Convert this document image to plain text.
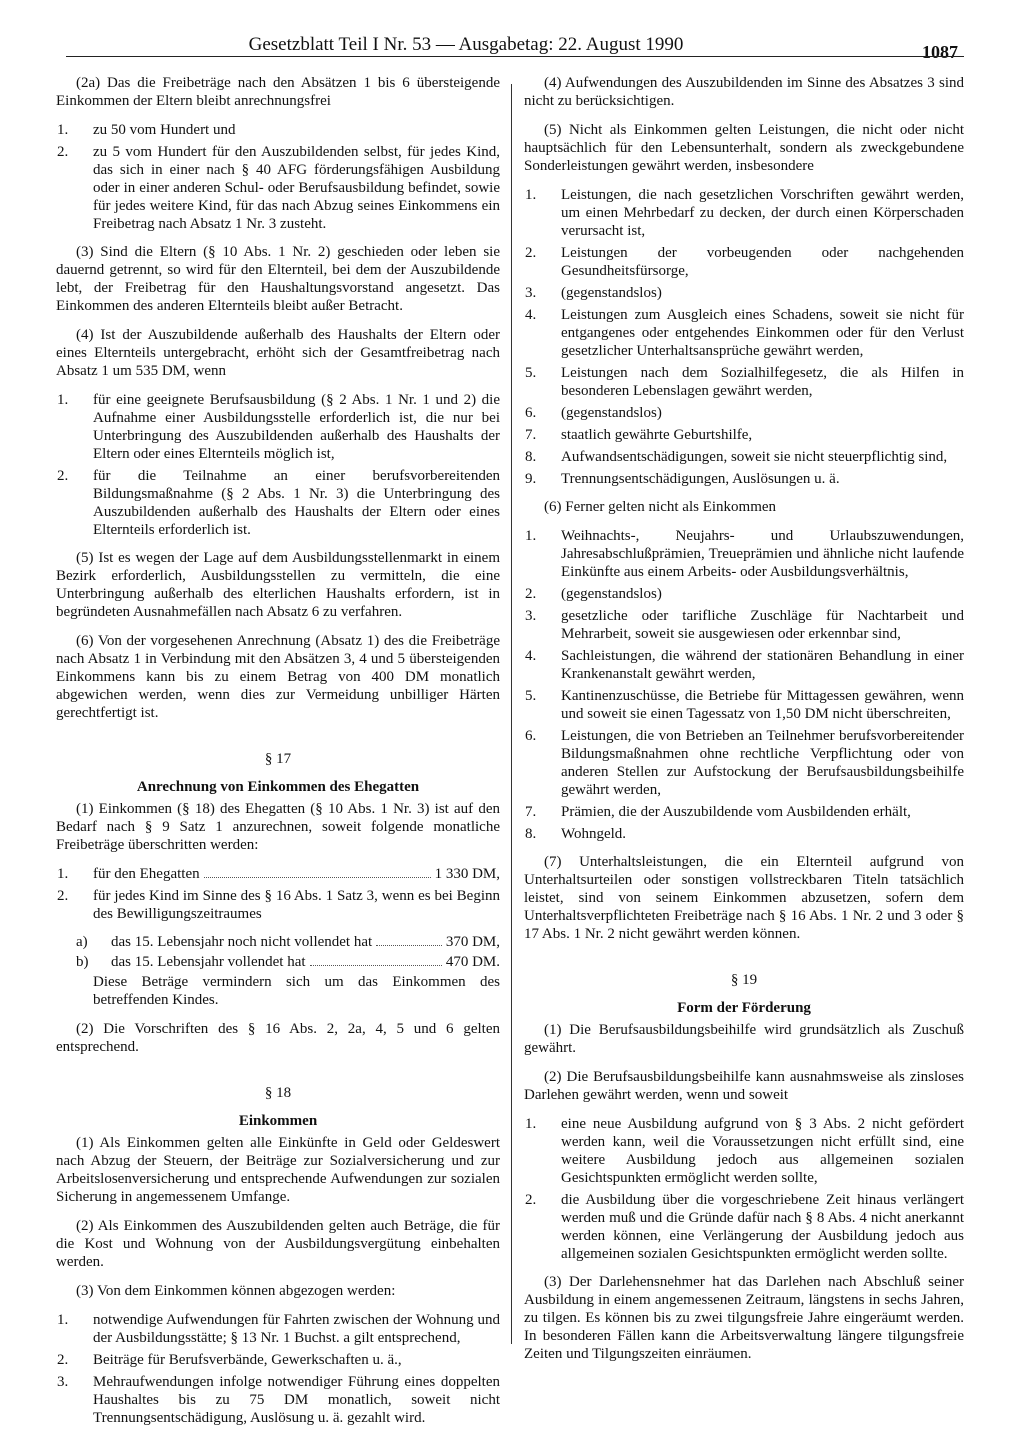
Gesetzblatt Teil I Nr. 53 — Ausgabetag: 22. August 1990	1087

(2a) Das die Freibeträge nach den Absätzen 1 bis 6 übersteigende Einkommen der Eltern bleibt anrechnungsfrei

1. zu 50 vom Hundert und
2. zu 5 vom Hundert für den Auszubildenden selbst, für jedes Kind, das sich in einer nach § 40 AFG förderungsfähigen Ausbildung oder in einer anderen Schul- oder Berufsausbildung befindet, sowie für jedes weitere Kind, für das nach Abzug seines Einkommens ein Freibetrag nach Absatz 1 Nr. 3 zusteht.

(3) Sind die Eltern (§ 10 Abs. 1 Nr. 2) geschieden oder leben sie dauernd getrennt, so wird für den Elternteil, bei dem der Auszubildende lebt, der Freibetrag für den Haushaltungsvorstand angesetzt. Das Einkommen des anderen Elternteils bleibt außer Betracht.

(4) Ist der Auszubildende außerhalb des Haushalts der Eltern oder eines Elternteils untergebracht, erhöht sich der Gesamtfreibetrag nach Absatz 1 um 535 DM, wenn

1. für eine geeignete Berufsausbildung (§ 2 Abs. 1 Nr. 1 und 2) die Aufnahme einer Ausbildungsstelle erforderlich ist, die nur bei Unterbringung des Auszubildenden außerhalb des Haushalts der Eltern oder eines Elternteils möglich ist,
2. für die Teilnahme an einer berufsvorbereitenden Bildungsmaßnahme (§ 2 Abs. 1 Nr. 3) die Unterbringung des Auszubildenden außerhalb des Haushalts der Eltern oder eines Elternteils erforderlich ist.

(5) Ist es wegen der Lage auf dem Ausbildungsstellenmarkt in einem Bezirk erforderlich, Ausbildungsstellen zu vermitteln, die eine Unterbringung außerhalb des elterlichen Haushalts erfordern, ist in begründeten Ausnahmefällen nach Absatz 6 zu verfahren.

(6) Von der vorgesehenen Anrechnung (Absatz 1) des die Freibeträge nach Absatz 1 in Verbindung mit den Absätzen 3, 4 und 5 übersteigenden Einkommens kann bis zu einem Betrag von 400 DM monatlich abgewichen werden, wenn dies zur Vermeidung unbilliger Härten gerechtfertigt ist.

§ 17
Anrechnung von Einkommen des Ehegatten

(1) Einkommen (§ 18) des Ehegatten (§ 10 Abs. 1 Nr. 3) ist auf den Bedarf nach § 9 Satz 1 anzurechnen, soweit folgende monatliche Freibeträge überschritten werden:

1. für den Ehegatten	1 330 DM,
2. für jedes Kind im Sinne des § 16 Abs. 1 Satz 3, wenn es bei Beginn des Bewilligungszeitraumes
a) das 15. Lebensjahr noch nicht vollendet hat	370 DM,
b) das 15. Lebensjahr vollendet hat	470 DM.
Diese Beträge vermindern sich um das Einkommen des betreffenden Kindes.

(2) Die Vorschriften des § 16 Abs. 2, 2a, 4, 5 und 6 gelten entsprechend.

§ 18
Einkommen

(1) Als Einkommen gelten alle Einkünfte in Geld oder Geldeswert nach Abzug der Steuern, der Beiträge zur Sozialversicherung und zur Arbeitslosenversicherung und entsprechende Aufwendungen zur sozialen Sicherung in angemessenem Umfange.

(2) Als Einkommen des Auszubildenden gelten auch Beträge, die für die Kost und Wohnung von der Ausbildungsvergütung einbehalten werden.

(3) Von dem Einkommen können abgezogen werden:

1. notwendige Aufwendungen für Fahrten zwischen der Wohnung und der Ausbildungsstätte; § 13 Nr. 1 Buchst. a gilt entsprechend,
2. Beiträge für Berufsverbände, Gewerkschaften u. ä.,
3. Mehraufwendungen infolge notwendiger Führung eines doppelten Haushaltes bis zu 75 DM monatlich, soweit nicht Trennungsentschädigung, Auslösung u. ä. gezahlt wird.

(4) Aufwendungen des Auszubildenden im Sinne des Absatzes 3 sind nicht zu berücksichtigen.

(5) Nicht als Einkommen gelten Leistungen, die nicht oder nicht hauptsächlich für den Lebensunterhalt, sondern als zweckgebundene Sonderleistungen gewährt werden, insbesondere

1. Leistungen, die nach gesetzlichen Vorschriften gewährt werden, um einen Mehrbedarf zu decken, der durch einen Körperschaden verursacht ist,
2. Leistungen der vorbeugenden oder nachgehenden Gesundheitsfürsorge,
3. (gegenstandslos)
4. Leistungen zum Ausgleich eines Schadens, soweit sie nicht für entgangenes oder entgehendes Einkommen oder für den Verlust gesetzlicher Unterhaltsansprüche gewährt werden,
5. Leistungen nach dem Sozialhilfegesetz, die als Hilfen in besonderen Lebenslagen gewährt werden,
6. (gegenstandslos)
7. staatlich gewährte Geburtshilfe,
8. Aufwandsentschädigungen, soweit sie nicht steuerpflichtig sind,
9. Trennungsentschädigungen, Auslösungen u. ä.

(6) Ferner gelten nicht als Einkommen

1. Weihnachts-, Neujahrs- und Urlaubszuwendungen, Jahresabschlußprämien, Treueprämien und ähnliche nicht laufende Einkünfte aus einem Arbeits- oder Ausbildungsverhältnis,
2. (gegenstandslos)
3. gesetzliche oder tarifliche Zuschläge für Nachtarbeit und Mehrarbeit, soweit sie ausgewiesen oder erkennbar sind,
4. Sachleistungen, die während der stationären Behandlung in einer Krankenanstalt gewährt werden,
5. Kantinenzuschüsse, die Betriebe für Mittagessen gewähren, wenn und soweit sie einen Tagessatz von 1,50 DM nicht überschreiten,
6. Leistungen, die von Betrieben an Teilnehmer berufsvorbereitender Bildungsmaßnahmen ohne rechtliche Verpflichtung oder von anderen Stellen zur Aufstockung der Berufsausbildungsbeihilfe gewährt werden,
7. Prämien, die der Auszubildende vom Ausbildenden erhält,
8. Wohngeld.

(7) Unterhaltsleistungen, die ein Elternteil aufgrund von Unterhaltsurteilen oder sonstigen vollstreckbaren Titeln tatsächlich leistet, sind von seinem Einkommen abzusetzen, sofern dem Unterhaltsverpflichteten Freibeträge nach § 16 Abs. 1 Nr. 2 und 3 oder § 17 Abs. 1 Nr. 2 nicht gewährt werden können.

§ 19
Form der Förderung

(1) Die Berufsausbildungsbeihilfe wird grundsätzlich als Zuschuß gewährt.

(2) Die Berufsausbildungsbeihilfe kann ausnahmsweise als zinsloses Darlehen gewährt werden, wenn und soweit

1. eine neue Ausbildung aufgrund von § 3 Abs. 2 nicht gefördert werden kann, weil die Voraussetzungen nicht erfüllt sind, eine weitere Ausbildung jedoch aus allgemeinen sozialen Gesichtspunkten ermöglicht werden sollte,
2. die Ausbildung über die vorgeschriebene Zeit hinaus verlängert werden muß und die Gründe dafür nach § 8 Abs. 4 nicht anerkannt werden können, eine Verlängerung der Ausbildung jedoch aus allgemeinen sozialen Gesichtspunkten ermöglicht werden sollte.

(3) Der Darlehensnehmer hat das Darlehen nach Abschluß seiner Ausbildung in einem angemessenen Zeitraum, längstens in sechs Jahren, zu tilgen. Es können bis zu zwei tilgungsfreie Jahre eingeräumt werden. In besonderen Fällen kann die Arbeitsverwaltung längere tilgungsfreie Zeiten und Tilgungszeiten einräumen.
